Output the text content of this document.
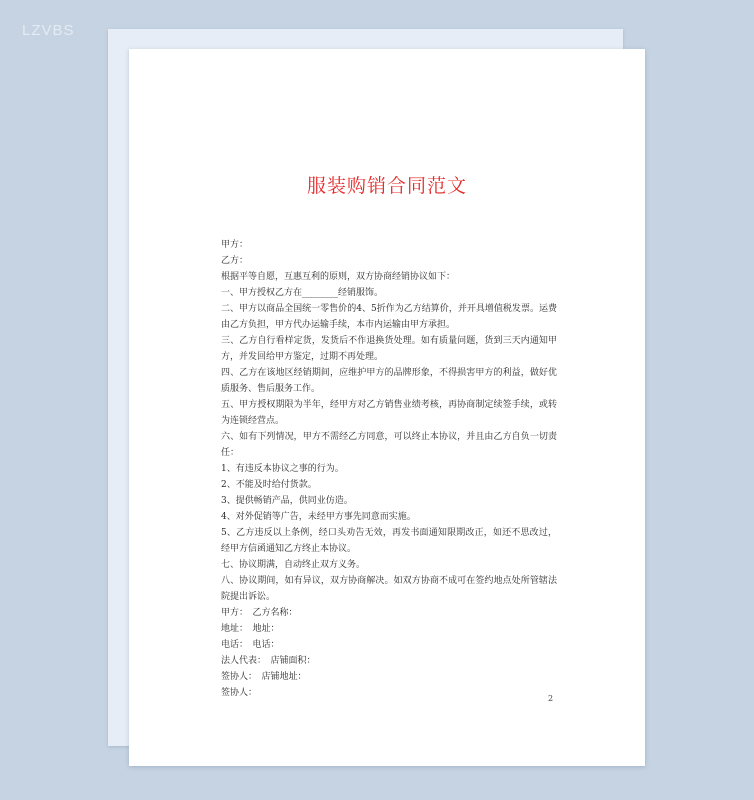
LZVBS
服装购销合同范文

甲方：

乙方：

根据平等自愿，互惠互利的原则，双方协商经销协议如下：

一、甲方授权乙方在________经销服饰。

二、甲方以商品全国统一零售价的4、5折作为乙方结算价，并开具增值税发票。运费由乙方负担，甲方代办运输手续，本市内运输由甲方承担。

三、乙方自行看样定货，发货后不作退换货处理。如有质量问题，货到三天内通知甲方，并发回给甲方鉴定，过期不再处理。

四、乙方在该地区经销期间，应维护甲方的品牌形象，不得损害甲方的利益，做好优质服务、售后服务工作。

五、甲方授权期限为半年，经甲方对乙方销售业绩考核，再协商制定续签手续，或转为连锁经营点。

六、如有下列情况，甲方不需经乙方同意，可以终止本协议，并且由乙方自负一切责任：

1、有违反本协议之事的行为。

2、不能及时给付货款。

3、提供畅销产品，供同业仿造。

4、对外促销等广告，未经甲方事先同意而实施。

5、乙方违反以上条例，经口头劝告无效，再发书面通知限期改正，如还不思改过，经甲方信函通知乙方终止本协议。

七、协议期满，自动终止双方义务。

八、协议期间，如有异议，双方协商解决。如双方协商不成可在签约地点处所管辖法院提出诉讼。

甲方：　乙方名称：

地址：　地址：

电话：　电话：

法人代表：　店铺面积：

签协人：　店铺地址：

签协人：

2
